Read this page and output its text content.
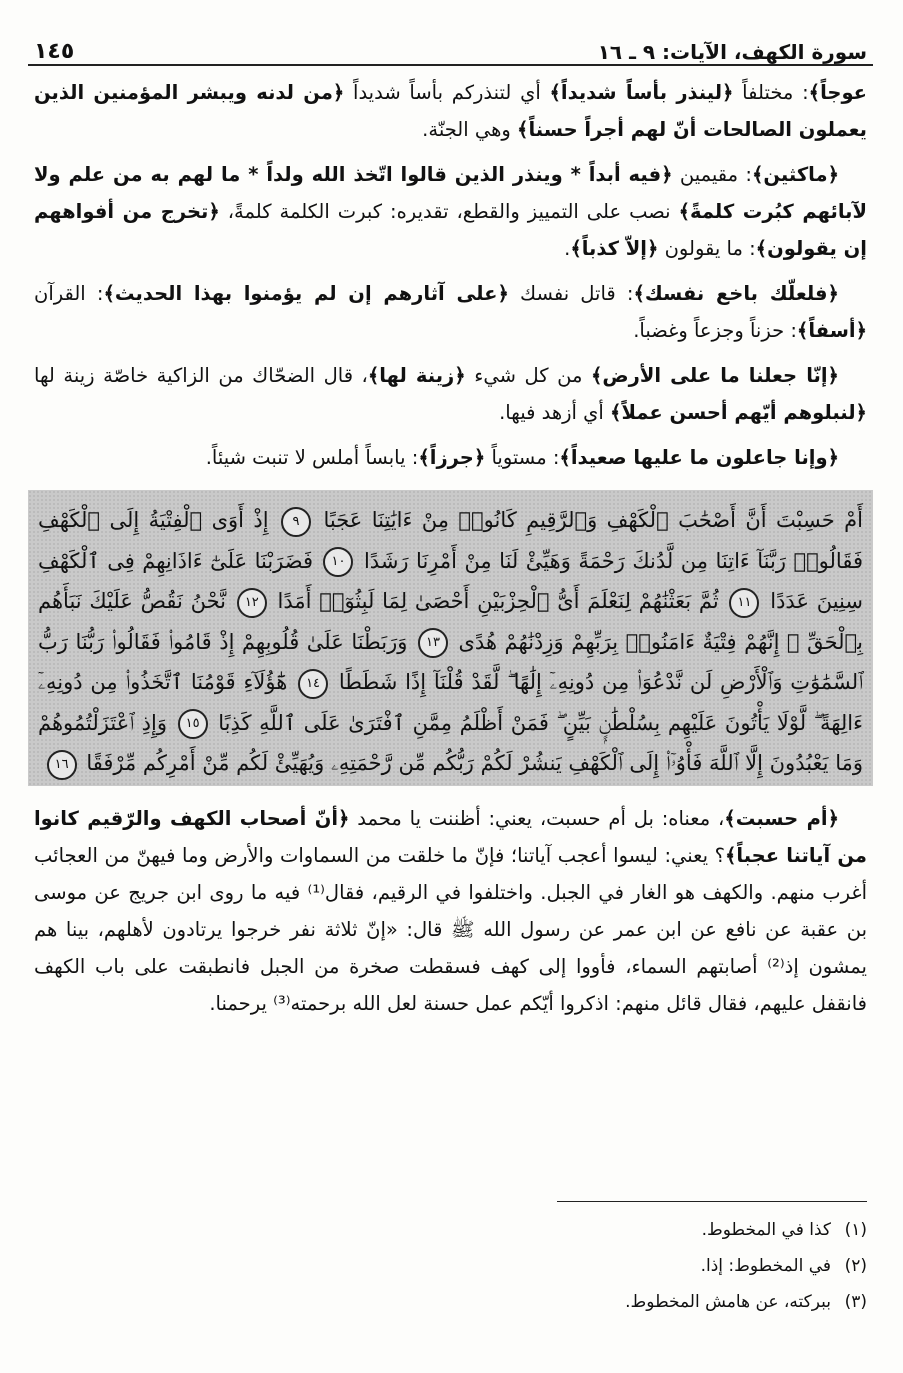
سورة الكهف، الآيات: ٩ ـ ١٦
١٤٥

عوجاً﴾: مختلفاً ﴿لينذر بأساً شديداً﴾ أي لتنذركم بأساً شديداً ﴿من لدنه ويبشر المؤمنين الذين يعملون الصالحات أنّ لهم أجراً حسناً﴾ وهي الجنّة.

﴿ماكثين﴾: مقيمين ﴿فيه أبداً * وينذر الذين قالوا اتّخذ الله ولداً * ما لهم به من علم ولا لآبائهم كبُرت كلمةً﴾ نصب على التمييز والقطع، تقديره: كبرت الكلمة كلمةً، ﴿تخرج من أفواههم إن يقولون﴾: ما يقولون ﴿إلاّ كذباً﴾.

﴿فلعلّك باخع نفسك﴾: قاتل نفسك ﴿على آثارهم إن لم يؤمنوا بهذا الحديث﴾: القرآن ﴿أسفاً﴾: حزناً وجزعاً وغضباً.

﴿إنّا جعلنا ما على الأرض﴾ من كل شيء ﴿زينة لها﴾، قال الضحّاك من الزاكية خاصّة زينة لها ﴿لنبلوهم أيّهم أحسن عملاً﴾ أي أزهد فيها.

﴿وإنا جاعلون ما عليها صعيداً﴾: مستوياً ﴿جرزاً﴾: يابساً أملس لا تنبت شيئاً.

أَمْ حَسِبْتَ أَنَّ أَصْحَٰبَ ٱلْكَهْفِ وَٱلرَّقِيمِ كَانُوا۟ مِنْ ءَايَٰتِنَا عَجَبًا ٩ إِذْ أَوَى ٱلْفِتْيَةُ إِلَى ٱلْكَهْفِ فَقَالُوا۟ رَبَّنَآ ءَاتِنَا مِن لَّدُنكَ رَحْمَةً وَهَيِّئْ لَنَا مِنْ أَمْرِنَا رَشَدًا ١٠ فَضَرَبْنَا عَلَىٰٓ ءَاذَانِهِمْ فِى ٱلْكَهْفِ سِنِينَ عَدَدًا ١١ ثُمَّ بَعَثْنَٰهُمْ لِنَعْلَمَ أَىُّ ٱلْحِزْبَيْنِ أَحْصَىٰ لِمَا لَبِثُوٓا۟ أَمَدًا ١٢ نَّحْنُ نَقُصُّ عَلَيْكَ نَبَأَهُم بِٱلْحَقِّ ۚ إِنَّهُمْ فِتْيَةٌ ءَامَنُوا۟ بِرَبِّهِمْ وَزِدْنَٰهُمْ هُدًى ١٣ وَرَبَطْنَا عَلَىٰ قُلُوبِهِمْ إِذْ قَامُوا۟ فَقَالُوا۟ رَبُّنَا رَبُّ ٱلسَّمَٰوَٰتِ وَٱلْأَرْضِ لَن نَّدْعُوَا۟ مِن دُونِهِۦٓ إِلَٰهًا ۖ لَّقَدْ قُلْنَآ إِذًا شَطَطًا ١٤ هَٰٓؤُلَآءِ قَوْمُنَا ٱتَّخَذُوا۟ مِن دُونِهِۦٓ ءَالِهَةً ۖ لَّوْلَا يَأْتُونَ عَلَيْهِم بِسُلْطَٰنٍۭ بَيِّنٍ ۖ فَمَنْ أَظْلَمُ مِمَّنِ ٱفْتَرَىٰ عَلَى ٱللَّهِ كَذِبًا ١٥ وَإِذِ ٱعْتَزَلْتُمُوهُمْ وَمَا يَعْبُدُونَ إِلَّا ٱللَّهَ فَأْوُۥٓا۟ إِلَى ٱلْكَهْفِ يَنشُرْ لَكُمْ رَبُّكُم مِّن رَّحْمَتِهِۦ وَيُهَيِّئْ لَكُم مِّنْ أَمْرِكُم مِّرْفَقًا ١٦

﴿أم حسبت﴾، معناه: بل أم حسبت، يعني: أظننت يا محمد ﴿أنّ أصحاب الكهف والرّقيم كانوا من آياتنا عجباً﴾؟ يعني: ليسوا أعجب آياتنا؛ فإنّ ما خلقت من السماوات والأرض وما فيهنّ من العجائب أغرب منهم. والكهف هو الغار في الجبل. واختلفوا في الرقيم، فقال⁽¹⁾ فيه ما روى ابن جريج عن موسى بن عقبة عن نافع عن ابن عمر عن رسول الله ﷺ قال: «إنّ ثلاثة نفر خرجوا يرتادون لأهلهم، بينا هم يمشون إذ⁽²⁾ أصابتهم السماء، فأووا إلى كهف فسقطت صخرة من الجبل فانطبقت على باب الكهف فانقفل عليهم، فقال قائل منهم: اذكروا أيّكم عمل حسنة لعل الله برحمته⁽³⁾ يرحمنا.

(١)كذا في المخطوط.
(٢)في المخطوط: إذا.
(٣)ببركته، عن هامش المخطوط.
